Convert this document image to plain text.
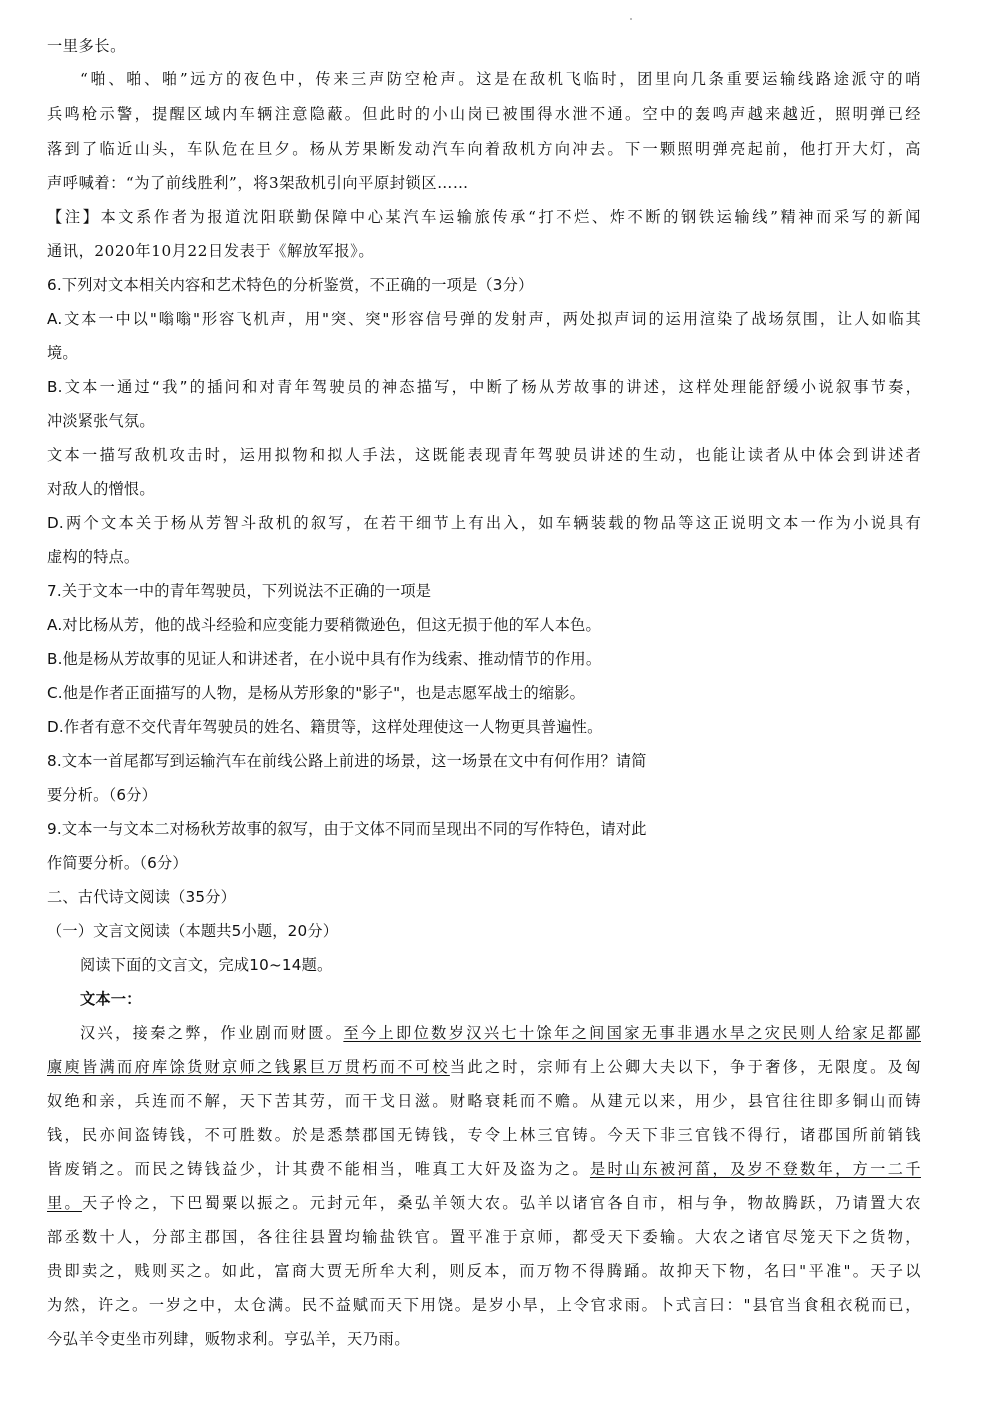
一里多长。
“啪、啪、啪”远方的夜色中，传来三声防空枪声。这是在敌机飞临时，团里向几条重要运输线路途派守的哨
兵鸣枪示警，提醒区域内车辆注意隐蔽。但此时的小山岗已被围得水泄不通。空中的轰鸣声越来越近，照明弹已经
落到了临近山头，车队危在旦夕。杨从芳果断发动汽车向着敌机方向冲去。下一颗照明弹亮起前，他打开大灯，高
声呼喊着：“为了前线胜利”，将3架敌机引向平原封锁区……
【注】本文系作者为报道沈阳联勤保障中心某汽车运输旅传承“打不烂、炸不断的钢铁运输线”精神而采写的新闻
通讯，2020年10月22日发表于《解放军报》。
6.下列对文本相关内容和艺术特色的分析鉴赏，不正确的一项是（3分）
A.文本一中以"嗡嗡"形容飞机声，用"突、突"形容信号弹的发射声，两处拟声词的运用渲染了战场氛围，让人如临其
境。
B.文本一通过“我”的插问和对青年驾驶员的神态描写，中断了杨从芳故事的讲述，这样处理能舒缓小说叙事节奏，
冲淡紧张气氛。
文本一描写敌机攻击时，运用拟物和拟人手法，这既能表现青年驾驶员讲述的生动，也能让读者从中体会到讲述者
对敌人的憎恨。
D.两个文本关于杨从芳智斗敌机的叙写，在若干细节上有出入，如车辆装载的物品等这正说明文本一作为小说具有
虚构的特点。
7.关于文本一中的青年驾驶员，下列说法不正确的一项是
A.对比杨从芳，他的战斗经验和应变能力要稍微逊色，但这无损于他的军人本色。
B.他是杨从芳故事的见证人和讲述者，在小说中具有作为线索、推动情节的作用。
C.他是作者正面描写的人物，是杨从芳形象的"影子"，也是志愿军战士的缩影。
D.作者有意不交代青年驾驶员的姓名、籍贯等，这样处理使这一人物更具普遍性。
8.文本一首尾都写到运输汽车在前线公路上前进的场景，这一场景在文中有何作用？请简
要分析。（6分）
9.文本一与文本二对杨秋芳故事的叙写，由于文体不同而呈现出不同的写作特色，请对此
作简要分析。（6分）
二、古代诗文阅读（35分）
（一）文言文阅读（本题共5小题，20分）
阅读下面的文言文，完成10~14题。
文本一：
汉兴，接秦之弊，作业剧而财匮。至今上即位数岁汉兴七十馀年之间国家无事非遇水旱之灾民则人给家足都鄙
廪庾皆满而府库馀货财京师之钱累巨万贯朽而不可校当此之时，宗师有上公卿大夫以下，争于奢侈，无限度。及匈
奴绝和亲，兵连而不解，天下苦其劳，而干戈日滋。财略衰耗而不赡。从建元以来，用少，县官往往即多铜山而铸
钱，民亦间盗铸钱，不可胜数。於是悉禁郡国无铸钱，专令上林三官铸。今天下非三官钱不得行，诸郡国所前销钱
皆废销之。而民之铸钱益少，计其费不能相当，唯真工大奸及盗为之。是时山东被河菑，及岁不登数年，方一二千
里。天子怜之，下巴蜀粟以振之。元封元年，桑弘羊领大农。弘羊以诸官各自市，相与争，物故腾跃，乃请置大农
部丞数十人，分部主郡国，各往往县置均输盐铁官。置平准于京师，都受天下委输。大农之诸官尽笼天下之货物，
贵即卖之，贱则买之。如此，富商大贾无所牟大利，则反本，而万物不得腾踊。故抑天下物，名曰"平准"。天子以
为然，许之。一岁之中，太仓满。民不益赋而天下用饶。是岁小旱，上令官求雨。卜式言曰："县官当食租衣税而已，
今弘羊令吏坐市列肆，贩物求利。亨弘羊，天乃雨。
